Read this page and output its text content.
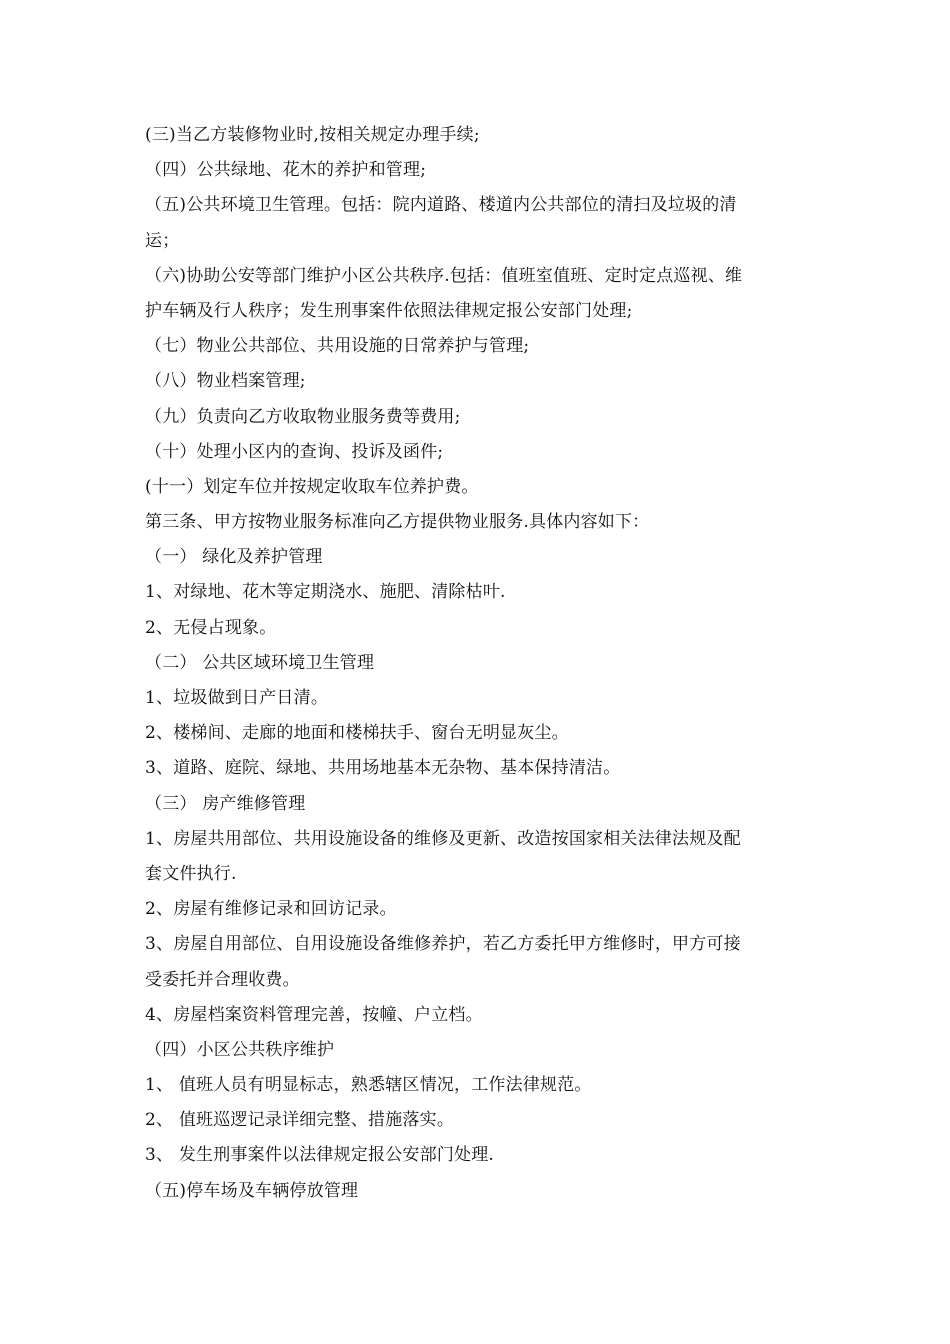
(三)当乙方装修物业时,按相关规定办理手续;
（四）公共绿地、花木的养护和管理;
（五)公共环境卫生管理。包括：院内道路、楼道内公共部位的清扫及垃圾的清
运；
（六)协助公安等部门维护小区公共秩序.包括：值班室值班、定时定点巡视、维
护车辆及行人秩序；发生刑事案件依照法律规定报公安部门处理;
（七）物业公共部位、共用设施的日常养护与管理;
（八）物业档案管理;
（九）负责向乙方收取物业服务费等费用;
（十）处理小区内的查询、投诉及函件;
(十一）划定车位并按规定收取车位养护费。
第三条、甲方按物业服务标准向乙方提供物业服务.具体内容如下：
（一） 绿化及养护管理
1、对绿地、花木等定期浇水、施肥、清除枯叶.
2、无侵占现象。
（二） 公共区域环境卫生管理
1、垃圾做到日产日清。
2、楼梯间、走廊的地面和楼梯扶手、窗台无明显灰尘。
3、道路、庭院、绿地、共用场地基本无杂物、基本保持清洁。
（三） 房产维修管理
1、房屋共用部位、共用设施设备的维修及更新、改造按国家相关法律法规及配
套文件执行.
2、房屋有维修记录和回访记录。
3、房屋自用部位、自用设施设备维修养护，若乙方委托甲方维修时，甲方可接
受委托并合理收费。
4、房屋档案资料管理完善，按幢、户立档。
（四）小区公共秩序维护
1、 值班人员有明显标志，熟悉辖区情况，工作法律规范。
2、 值班巡逻记录详细完整、措施落实。
3、 发生刑事案件以法律规定报公安部门处理.
（五)停车场及车辆停放管理
